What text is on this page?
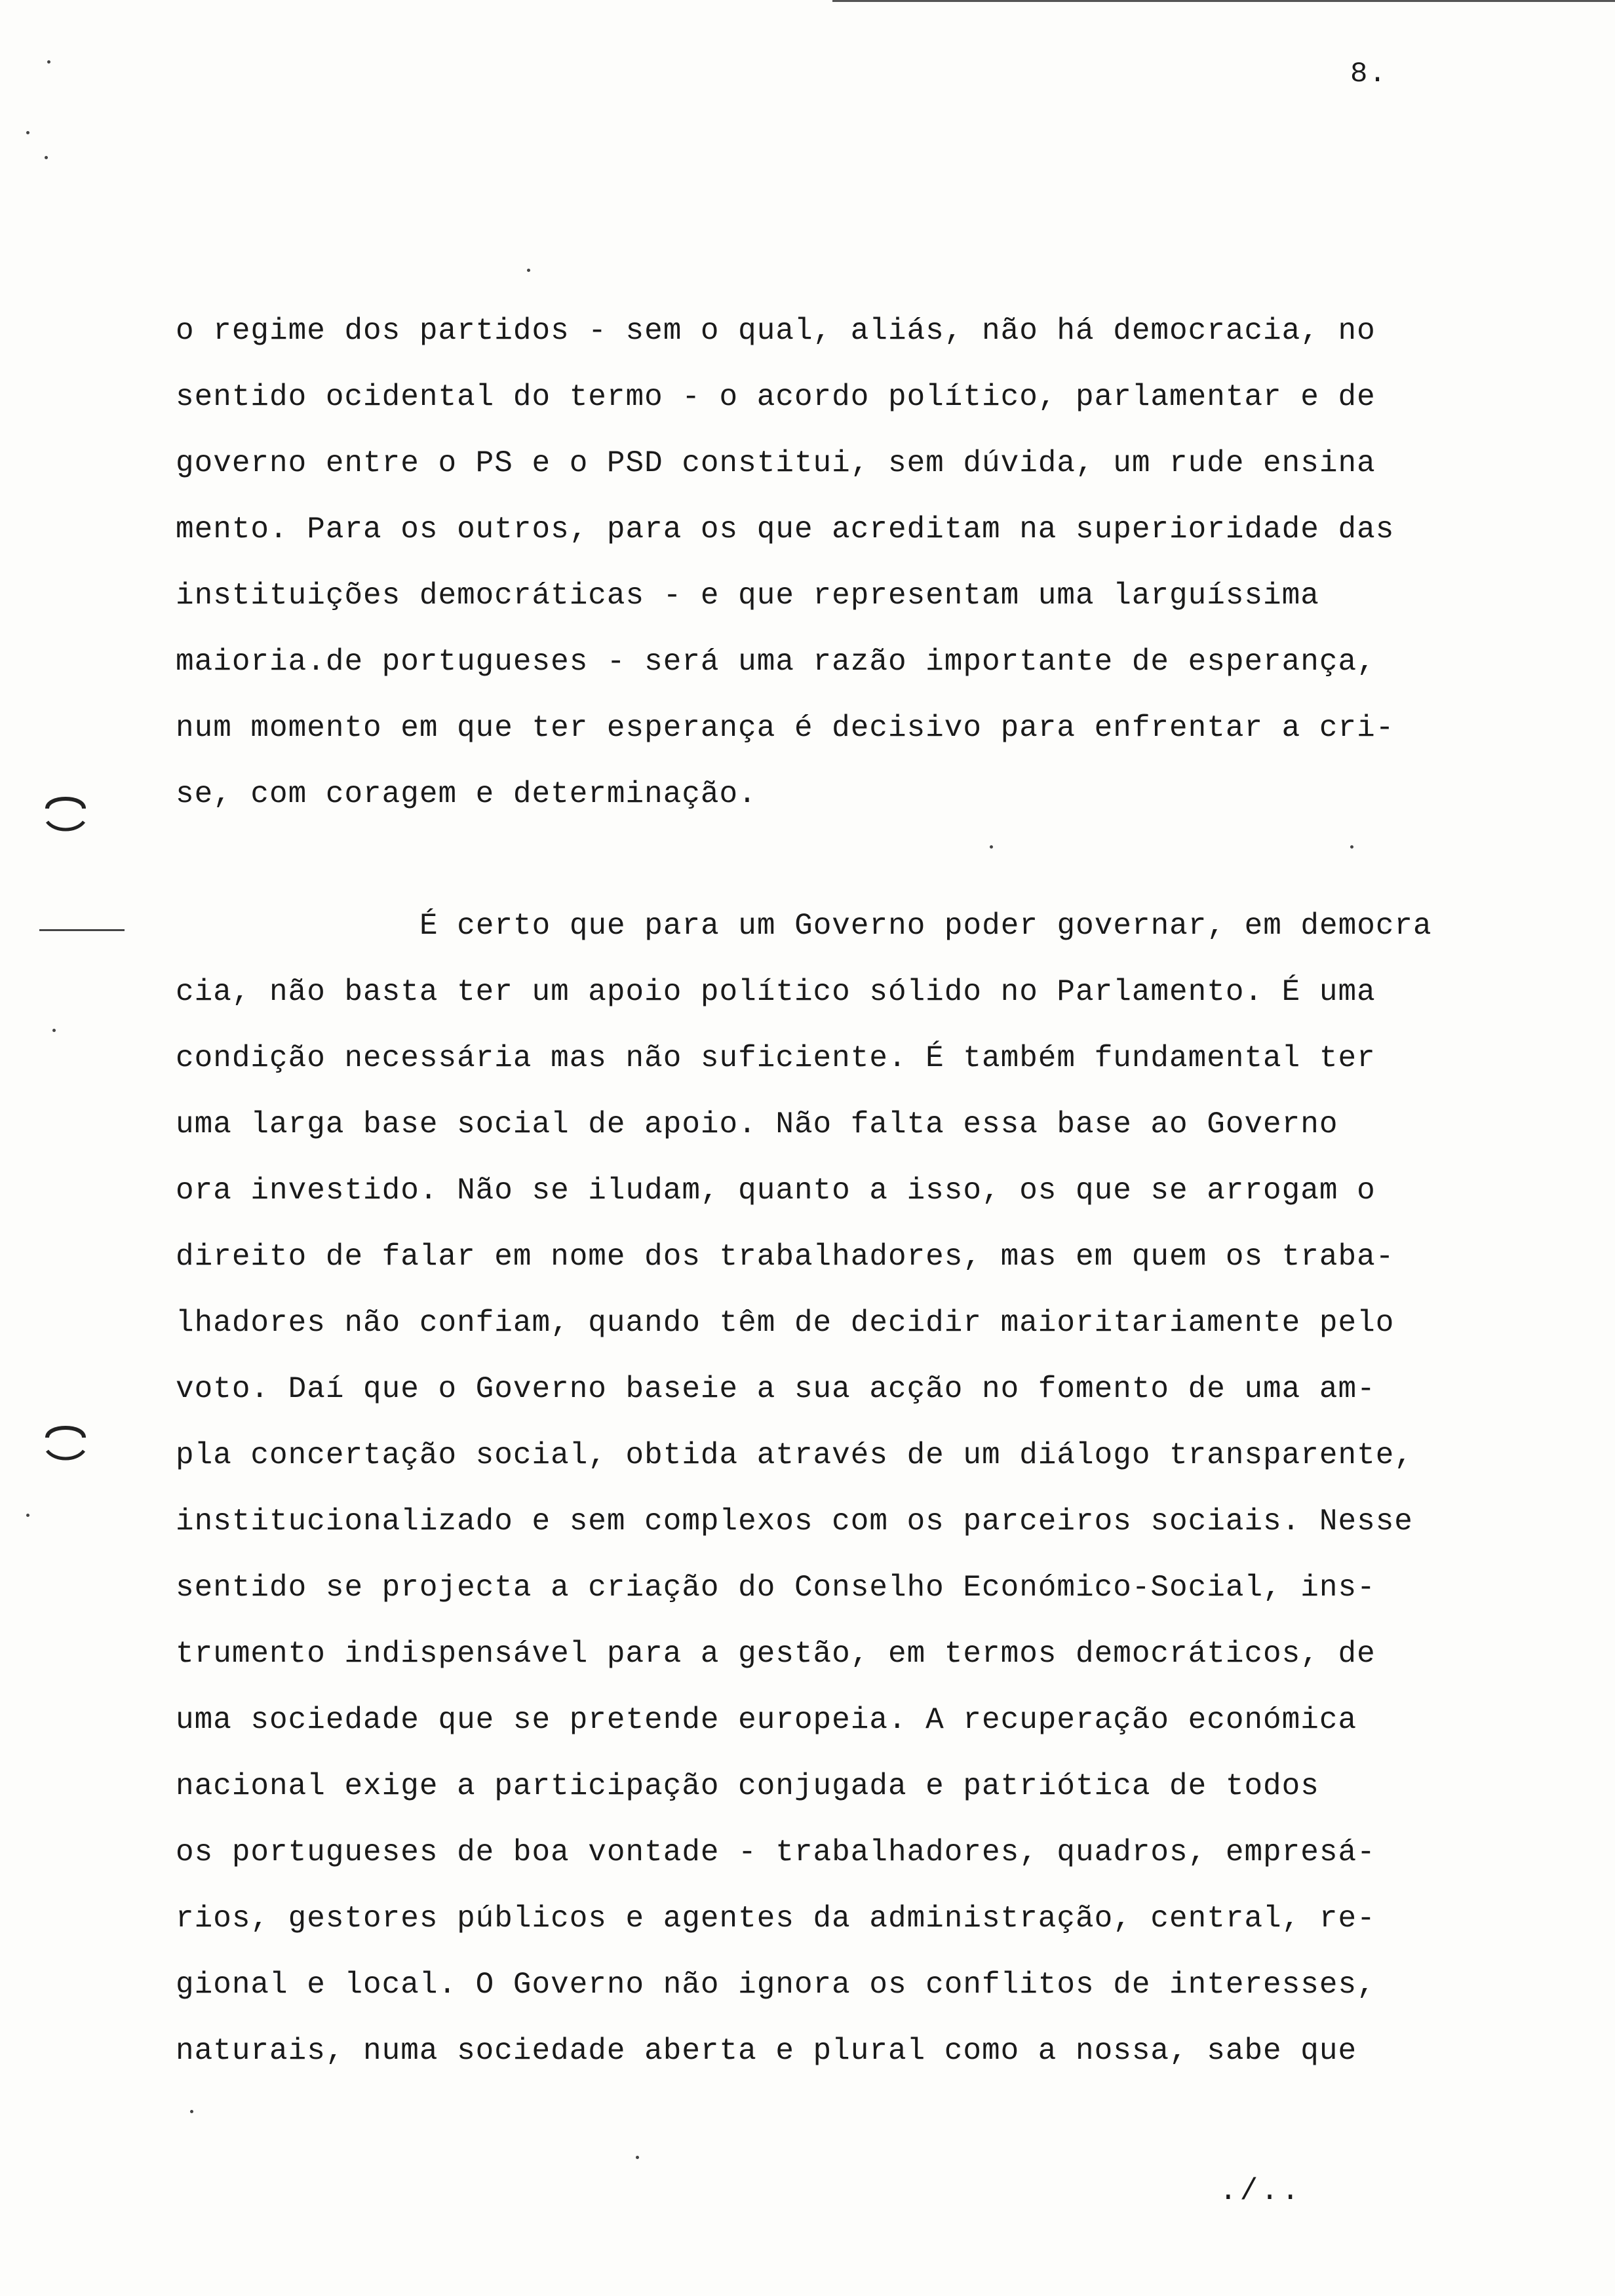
8.
o regime dos partidos - sem o qual, aliás, não há democracia, no
sentido ocidental do termo - o acordo político, parlamentar e de
governo entre o PS e o PSD constitui, sem dúvida, um rude ensina
mento. Para os outros, para os que acreditam na superioridade das
instituições democráticas - e que representam uma larguíssima
maioria.de portugueses - será uma razão importante de esperança,
num momento em que ter esperança é decisivo para enfrentar a cri-
se, com coragem e determinação.
É certo que para um Governo poder governar, em democra
cia, não basta ter um apoio político sólido no Parlamento. É uma
condição necessária mas não suficiente. É também fundamental ter
uma larga base social de apoio. Não falta essa base ao Governo
ora investido. Não se iludam, quanto a isso, os que se arrogam o
direito de falar em nome dos trabalhadores, mas em quem os traba-
lhadores não confiam, quando têm de decidir maioritariamente pelo
voto. Daí que o Governo baseie a sua acção no fomento de uma am-
pla concertação social, obtida através de um diálogo transparente,
institucionalizado e sem complexos com os parceiros sociais. Nesse
sentido se projecta a criação do Conselho Económico-Social, ins-
trumento indispensável para a gestão, em termos democráticos, de
uma sociedade que se pretende europeia. A recuperação económica
nacional exige a participação conjugada e patriótica de todos
os portugueses de boa vontade - trabalhadores, quadros, empresá-
rios, gestores públicos e agentes da administração, central, re-
gional e local. O Governo não ignora os conflitos de interesses,
naturais, numa sociedade aberta e plural como a nossa, sabe que
./..
